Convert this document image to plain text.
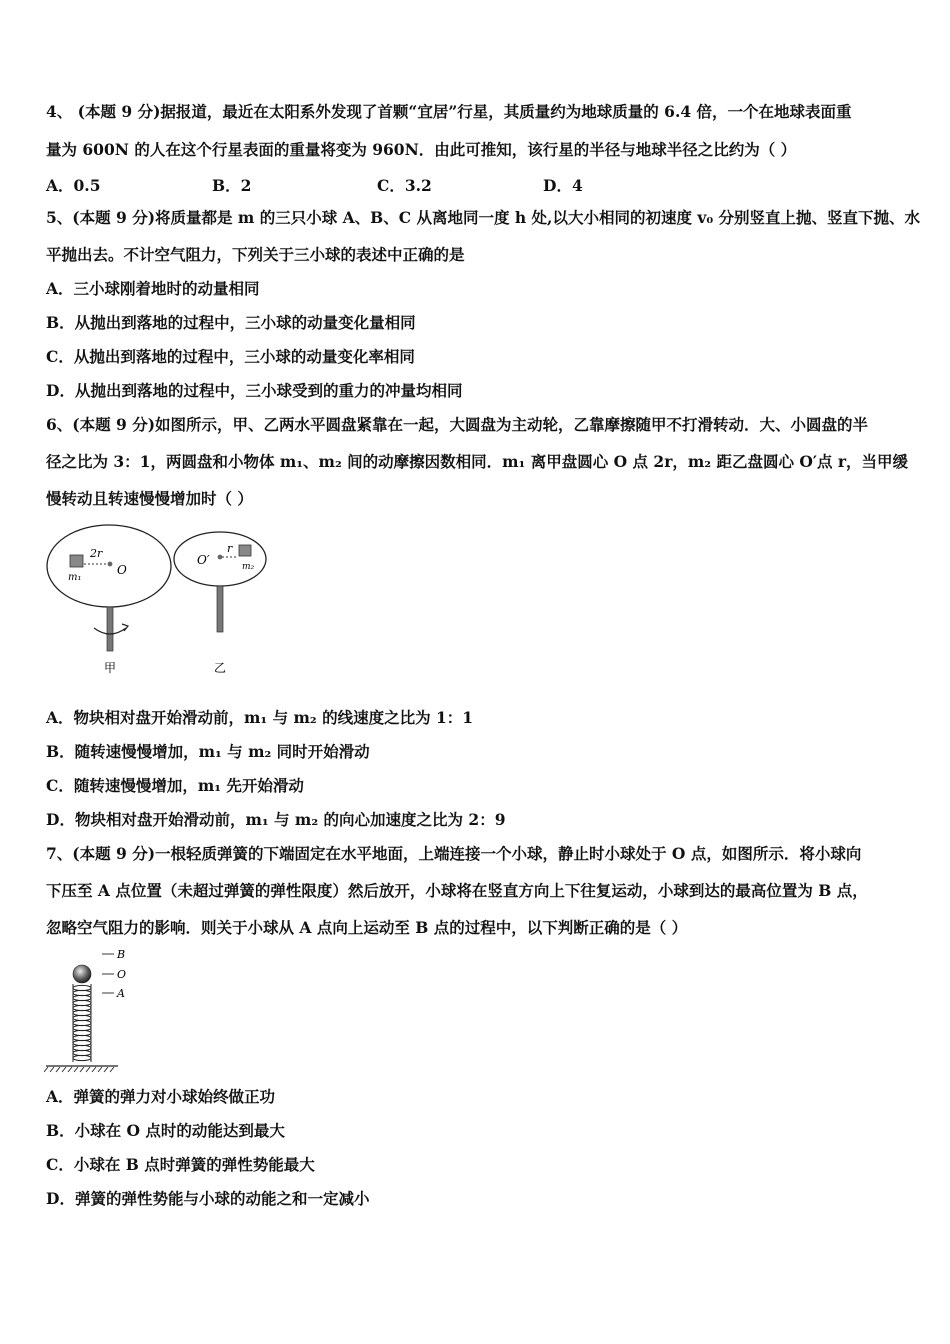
4、 (本题 9 分)据报道，最近在太阳系外发现了首颗“宜居”行星，其质量约为地球质量的 6.4 倍，一个在地球表面重
量为 600N 的人在这个行星表面的重量将变为 960N．由此可推知，该行星的半径与地球半径之比约为（ ）
A．0.5	B．2	C．3.2	D．4
5、(本题 9 分)将质量都是 m 的三只小球 A、B、C 从离地同一度 h 处,以大小相同的初速度 v₀ 分别竖直上抛、竖直下抛、水
平抛出去。不计空气阻力，下列关于三小球的表述中正确的是
A．三小球刚着地时的动量相同
B．从抛出到落地的过程中，三小球的动量变化量相同
C．从抛出到落地的过程中，三小球的动量变化率相同
D．从抛出到落地的过程中，三小球受到的重力的冲量均相同
6、(本题 9 分)如图所示，甲、乙两水平圆盘紧靠在一起，大圆盘为主动轮，乙靠摩擦随甲不打滑转动．大、小圆盘的半
径之比为 3：1，两圆盘和小物体 m₁、m₂ 间的动摩擦因数相同．m₁ 离甲盘圆心 O 点 2r，m₂ 距乙盘圆心 O′点 r，当甲缓
慢转动且转速慢慢增加时（ ）
2r
m₁
O
甲
O′
r
m₂
乙
A．物块相对盘开始滑动前，m₁ 与 m₂ 的线速度之比为 1：1
B．随转速慢慢增加，m₁ 与 m₂ 同时开始滑动
C．随转速慢慢增加，m₁ 先开始滑动
D．物块相对盘开始滑动前，m₁ 与 m₂ 的向心加速度之比为 2：9
7、(本题 9 分)一根轻质弹簧的下端固定在水平地面，上端连接一个小球，静止时小球处于 O 点，如图所示．将小球向
下压至 A 点位置（未超过弹簧的弹性限度）然后放开，小球将在竖直方向上下往复运动，小球到达的最高位置为 B 点，
忽略空气阻力的影响．则关于小球从 A 点向上运动至 B 点的过程中，以下判断正确的是（ ）
B
O
A
A．弹簧的弹力对小球始终做正功
B．小球在 O 点时的动能达到最大
C．小球在 B 点时弹簧的弹性势能最大
D．弹簧的弹性势能与小球的动能之和一定减小
